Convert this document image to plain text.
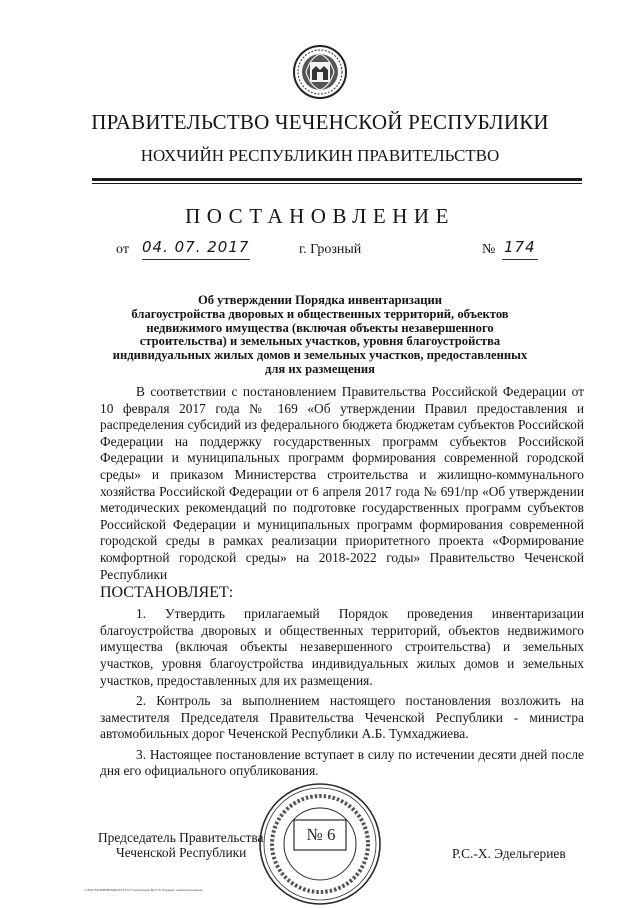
ПРАВИТЕЛЬСТВО ЧЕЧЕНСКОЙ РЕСПУБЛИКИ
НОХЧИЙН РЕСПУБЛИКИН ПРАВИТЕЛЬСТВО
ПОСТАНОВЛЕНИЕ
от 04. 07. 2017	г. Грозный	№ 174
Об утверждении Порядка инвентаризации
благоустройства дворовых и общественных территорий, объектов
недвижимого имущества (включая объекты незавершенного
строительства) и земельных участков, уровня благоустройства
индивидуальных жилых домов и земельных участков, предоставленных
для их размещения

В соответствии с постановлением Правительства Российской Федерации от 10 февраля 2017 года № 169 «Об утверждении Правил предоставления и распределения субсидий из федерального бюджета бюджетам субъектов Российской Федерации на поддержку государственных программ субъектов Российской Федерации и муниципальных программ формирования современной городской среды» и приказом Министерства строительства и жилищно-коммунального хозяйства Российской Федерации от 6 апреля 2017 года № 691/пр «Об утверждении методических рекомендаций по подготовке государственных программ субъектов Российской Федерации и муниципальных программ формирования современной городской среды в рамках реализации приоритетного проекта «Формирование комфортной городской среды» на 2018-2022 годы» Правительство Чеченской Республики

ПОСТАНОВЛЯЕТ:

1. Утвердить прилагаемый Порядок проведения инвентаризации благоустройства дворовых и общественных территорий, объектов недвижимого имущества (включая объекты незавершенного строительства) и земельных участков, уровня благоустройства индивидуальных жилых домов и земельных участков, предоставленных для их размещения.

2. Контроль за выполнением настоящего постановления возложить на заместителя Председателя Правительства Чеченской Республики - министра автомобильных дорог Чеченской Республики А.Б. Тумхаджиева.

3. Настоящее постановление вступает в силу по истечении десяти дней после дня его официального опубликования.

Председатель Правительства
Чеченской Республики	Р.С.-Х. Эдельгериев
№ 6
ч:\ПОСТАНОВЛЕНИЯ\2017\Постановление № 174 Порядок инвентаризации
